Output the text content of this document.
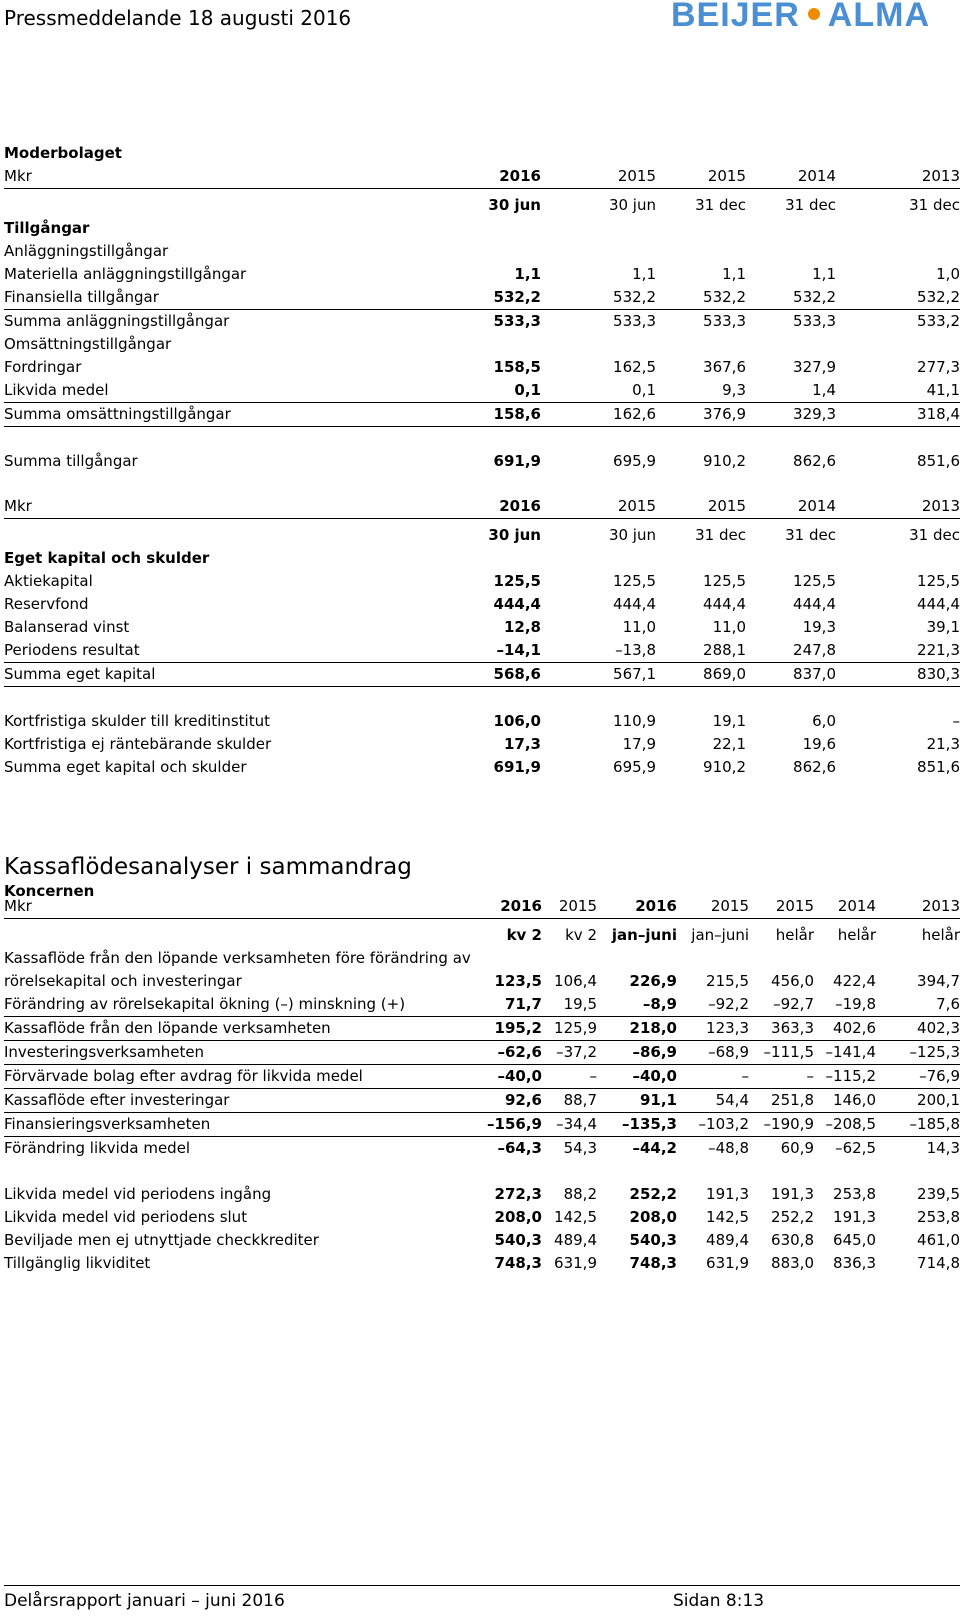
Pressmeddelande 18 augusti 2016	BEIJER ALMA
Moderbolaget
Mkr	2016	2015	2015	2014	2013
	30 jun	30 jun	31 dec	31 dec	31 dec
Tillgångar					
Anläggningstillgångar					
Materiella anläggningstillgångar	1,1	1,1	1,1	1,1	1,0
Finansiella tillgångar	532,2	532,2	532,2	532,2	532,2
Summa anläggningstillgångar	533,3	533,3	533,3	533,3	533,2
Omsättningstillgångar					
Fordringar	158,5	162,5	367,6	327,9	277,3
Likvida medel	0,1	0,1	9,3	1,4	41,1
Summa omsättningstillgångar	158,6	162,6	376,9	329,3	318,4

Summa tillgångar	691,9	695,9	910,2	862,6	851,6
Mkr	2016	2015	2015	2014	2013
	30 jun	30 jun	31 dec	31 dec	31 dec
Eget kapital och skulder					
Aktiekapital	125,5	125,5	125,5	125,5	125,5
Reservfond	444,4	444,4	444,4	444,4	444,4
Balanserad vinst	12,8	11,0	11,0	19,3	39,1
Periodens resultat	–14,1	–13,8	288,1	247,8	221,3
Summa eget kapital	568,6	567,1	869,0	837,0	830,3

Kortfristiga skulder till kreditinstitut	106,0	110,9	19,1	6,0	–
Kortfristiga ej räntebärande skulder	17,3	17,9	22,1	19,6	21,3
Summa eget kapital och skulder	691,9	695,9	910,2	862,6	851,6
Kassaflödesanalyser i sammandrag
Koncernen
Mkr	2016	2015	2016	2015	2015	2014	2013
	kv 2	kv 2	jan–juni	jan–juni	helår	helår	helår
Kassaflöde från den löpande verksamheten före förändring av							
rörelsekapital och investeringar	123,5	106,4	226,9	215,5	456,0	422,4	394,7
Förändring av rörelsekapital ökning (–) minskning (+)	71,7	19,5	–8,9	–92,2	–92,7	–19,8	7,6
Kassaflöde från den löpande verksamheten	195,2	125,9	218,0	123,3	363,3	402,6	402,3
Investeringsverksamheten	–62,6	–37,2	–86,9	–68,9	–111,5	–141,4	–125,3
Förvärvade bolag efter avdrag för likvida medel	–40,0	–	–40,0	–	–	–115,2	–76,9
Kassaflöde efter investeringar	92,6	88,7	91,1	54,4	251,8	146,0	200,1
Finansieringsverksamheten	–156,9	–34,4	–135,3	–103,2	–190,9	–208,5	–185,8
Förändring likvida medel	–64,3	54,3	–44,2	–48,8	60,9	–62,5	14,3

Likvida medel vid periodens ingång	272,3	88,2	252,2	191,3	191,3	253,8	239,5
Likvida medel vid periodens slut	208,0	142,5	208,0	142,5	252,2	191,3	253,8
Beviljade men ej utnyttjade checkkrediter	540,3	489,4	540,3	489,4	630,8	645,0	461,0
Tillgänglig likviditet	748,3	631,9	748,3	631,9	883,0	836,3	714,8
Delårsrapport januari – juni 2016	Sidan 8:13
